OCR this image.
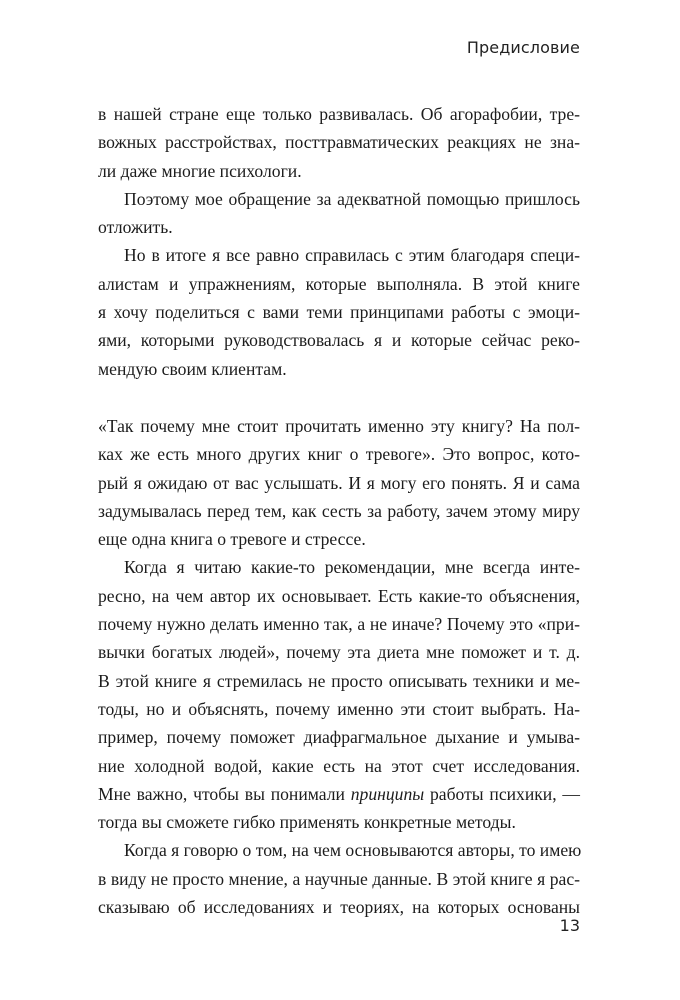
Предисловие

в нашей стране еще только развивалась. Об агорафобии, тре-
вожных расстройствах, посттравматических реакциях не зна-
ли даже многие психологи.

Поэтому мое обращение за адекватной помощью пришлось
отложить.

Но в итоге я все равно справилась с этим благодаря специ-
алистам и упражнениям, которые выполняла. В этой книге
я хочу поделиться с вами теми принципами работы с эмоци-
ями, которыми руководствовалась я и которые сейчас реко-
мендую своим клиентам.

«Так почему мне стоит прочитать именно эту книгу? На пол-
ках же есть много других книг о тревоге». Это вопрос, кото-
рый я ожидаю от вас услышать. И я могу его понять. Я и сама
задумывалась перед тем, как сесть за работу, зачем этому миру
еще одна книга о тревоге и стрессе.

Когда я читаю какие-то рекомендации, мне всегда инте-
ресно, на чем автор их основывает. Есть какие-то объяснения,
почему нужно делать именно так, а не иначе? Почему это «при-
вычки богатых людей», почему эта диета мне поможет и т. д.
В этой книге я стремилась не просто описывать техники и ме-
тоды, но и объяснять, почему именно эти стоит выбрать. На-
пример, почему поможет диафрагмальное дыхание и умыва-
ние холодной водой, какие есть на этот счет исследования.
Мне важно, чтобы вы понимали принципы работы психики, —
тогда вы сможете гибко применять конкретные методы.

Когда я говорю о том, на чем основываются авторы, то имею
в виду не просто мнение, а научные данные. В этой книге я рас-
сказываю об исследованиях и теориях, на которых основаны

13
